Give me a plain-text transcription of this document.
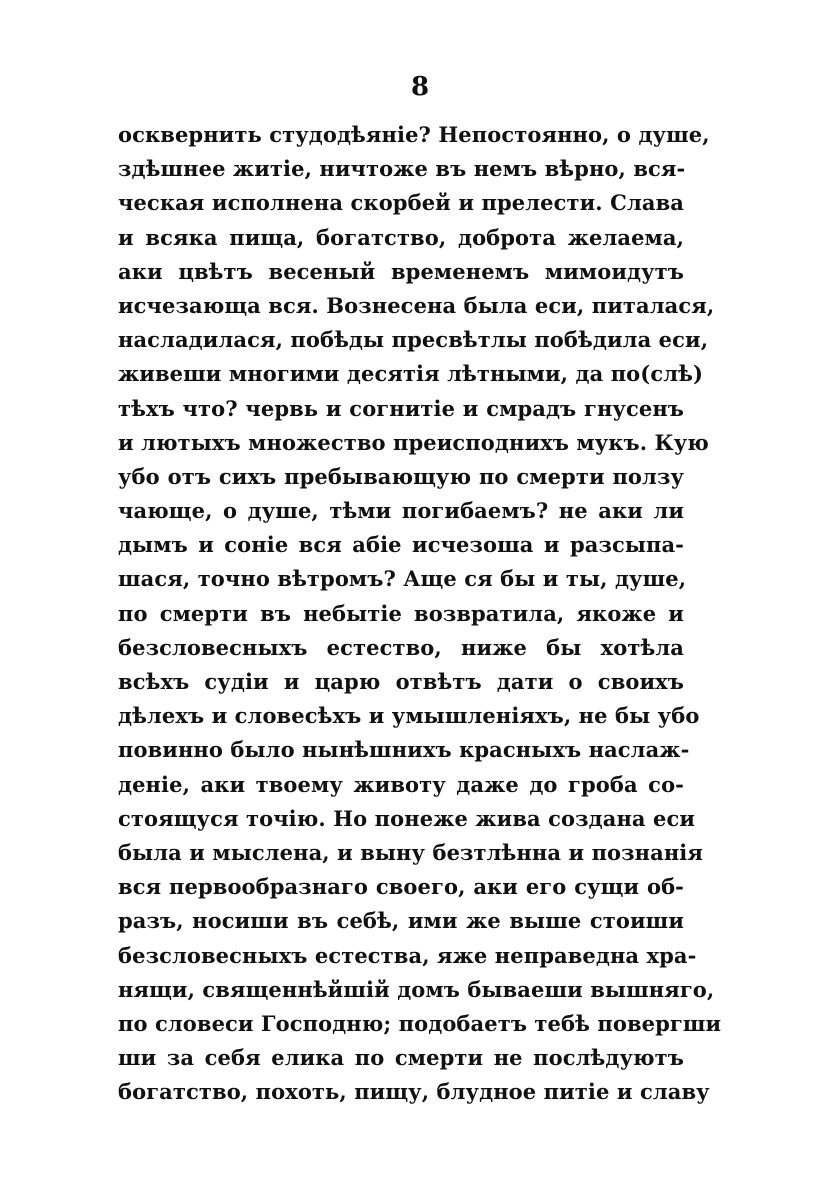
8
осквернить студодѣяніе? Непостоянно, о душе,
здѣшнее житіе, ничтоже въ немъ вѣрно, вся-
ческая исполнена скорбей и прелести. Слава
и всяка пища, богатство, доброта желаема,
аки цвѣтъ весеный временемъ мимоидутъ
исчезающа вся. Вознесена была еси, питалася,
насладилася, побѣды пресвѣтлы побѣдила еси,
живеши многими десятія лѣтными, да по(слѣ)
тѣхъ что? червь и согнитіе и смрадъ гнусенъ
и лютыхъ множество преисподнихъ мукъ. Кую
убо отъ сихъ пребывающую по смерти ползу
чающе, о душе, тѣми погибаемъ? не аки ли
дымъ и соніе вся абіе исчезоша и разсыпа-
шася, точно вѣтромъ? Аще ся бы и ты, душе,
по смерти въ небытіе возвратила, якоже и
безсловесныхъ естество, ниже бы хотѣла
всѣхъ судіи и царю отвѣтъ дати о своихъ
дѣлехъ и словесѣхъ и умышленіяхъ, не бы убо
повинно было нынѣшнихъ красныхъ наслаж-
деніе, аки твоему животу даже до гроба со-
стоящуся точію. Но понеже жива создана еси
была и мыслена, и выну безтлѣнна и познанія
вся первообразнаго своего, аки его сущи об-
разъ, носиши въ себѣ, ими же выше стоиши
безсловесныхъ естества, яже неправедна хра-
нящи, священнѣйшій домъ бываеши вышняго,
по словеси Господню; подобаетъ тебѣ повергши
ши за себя елика по смерти не послѣдуютъ
богатство, похоть, пищу, блудное питіе и славу
